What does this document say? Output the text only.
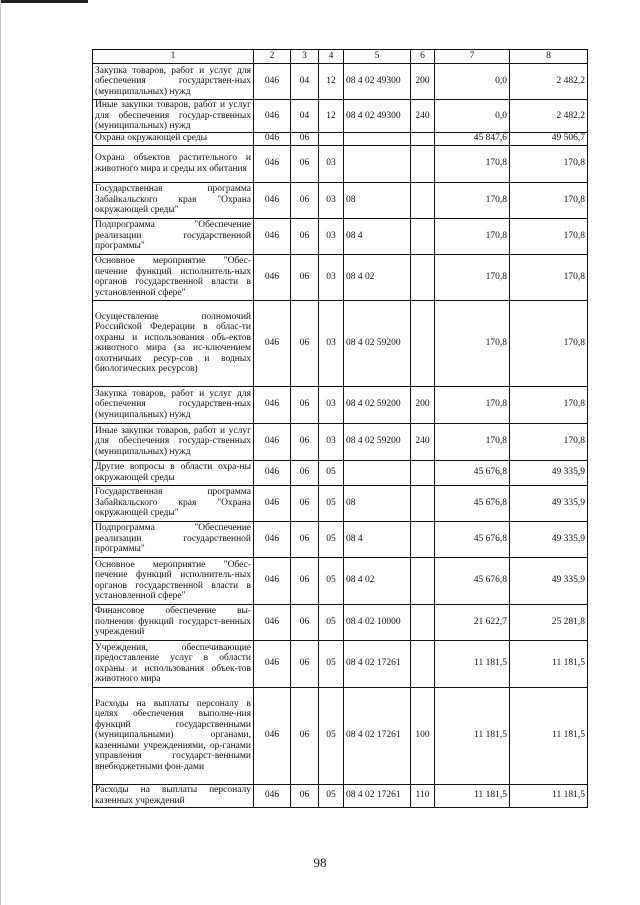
1	2	3	4	5	6	7	8
Закупка товаров, работ и услуг для обеспечения государствен-ных (муниципальных) нужд	046	04	12	08 4 02 49300	200	0,0	2 482,2
Иные закупки товаров, работ и услуг для обеспечения государ-ственных (муниципальных) нужд	046	04	12	08 4 02 49300	240	0,0	2 482,2
Охрана окружающей среды	046	06				45 847,6	49 506,7
Охрана объектов растительного и животного мира и среды их обитания	046	06	03			170,8	170,8
Государственная программа Забайкальского края "Охрана окружающей среды"	046	06	03	08		170,8	170,8
Подпрограмма "Обеспечение реализации государственной программы"	046	06	03	08 4		170,8	170,8
Основное мероприятие "Обес-печение функций исполнитель-ных органов государственной власти в установленной сфере"	046	06	03	08 4 02		170,8	170,8
Осуществление полномочий Российской Федерации в облас-ти охраны и использования объ-ектов животного мира (за ис-ключением охотничьих ресур-сов и водных биологических ресурсов)	046	06	03	08 4 02 59200		170,8	170,8
Закупка товаров, работ и услуг для обеспечения государствен-ных (муниципальных) нужд	046	06	03	08 4 02 59200	200	170,8	170,8
Иные закупки товаров, работ и услуг для обеспечения государ-ственных (муниципальных) нужд	046	06	03	08 4 02 59200	240	170,8	170,8
Другие вопросы в области охра-ны окружающей среды	046	06	05			45 676,8	49 335,9
Государственная программа Забайкальского края "Охрана окружающей среды"	046	06	05	08		45 676,8	49 335,9
Подпрограмма "Обеспечение реализации государственной программы"	046	06	05	08 4		45 676,8	49 335,9
Основное мероприятие "Обес-печение функций исполнитель-ных органов государственной власти в установленной сфере"	046	06	05	08 4 02		45 676,8	49 335,9
Финансовое обеспечение вы-полнения функций государст-венных учреждений	046	06	05	08 4 02 10000		21 622,7	25 281,8
Учреждения, обеспечивающие предоставление услуг в области охраны и использования объек-тов животного мира	046	06	05	08 4 02 17261		11 181,5	11 181,5
Расходы на выплаты персоналу в целях обеспечения выполне-ния функций государственными (муниципальными) органами, казенными учреждениями, ор-ганами управления государст-венными внебюджетными фон-дами	046	06	05	08 4 02 17261	100	11 181,5	11 181,5
Расходы на выплаты персоналу казенных учреждений	046	06	05	08 4 02 17261	110	11 181,5	11 181,5
98
